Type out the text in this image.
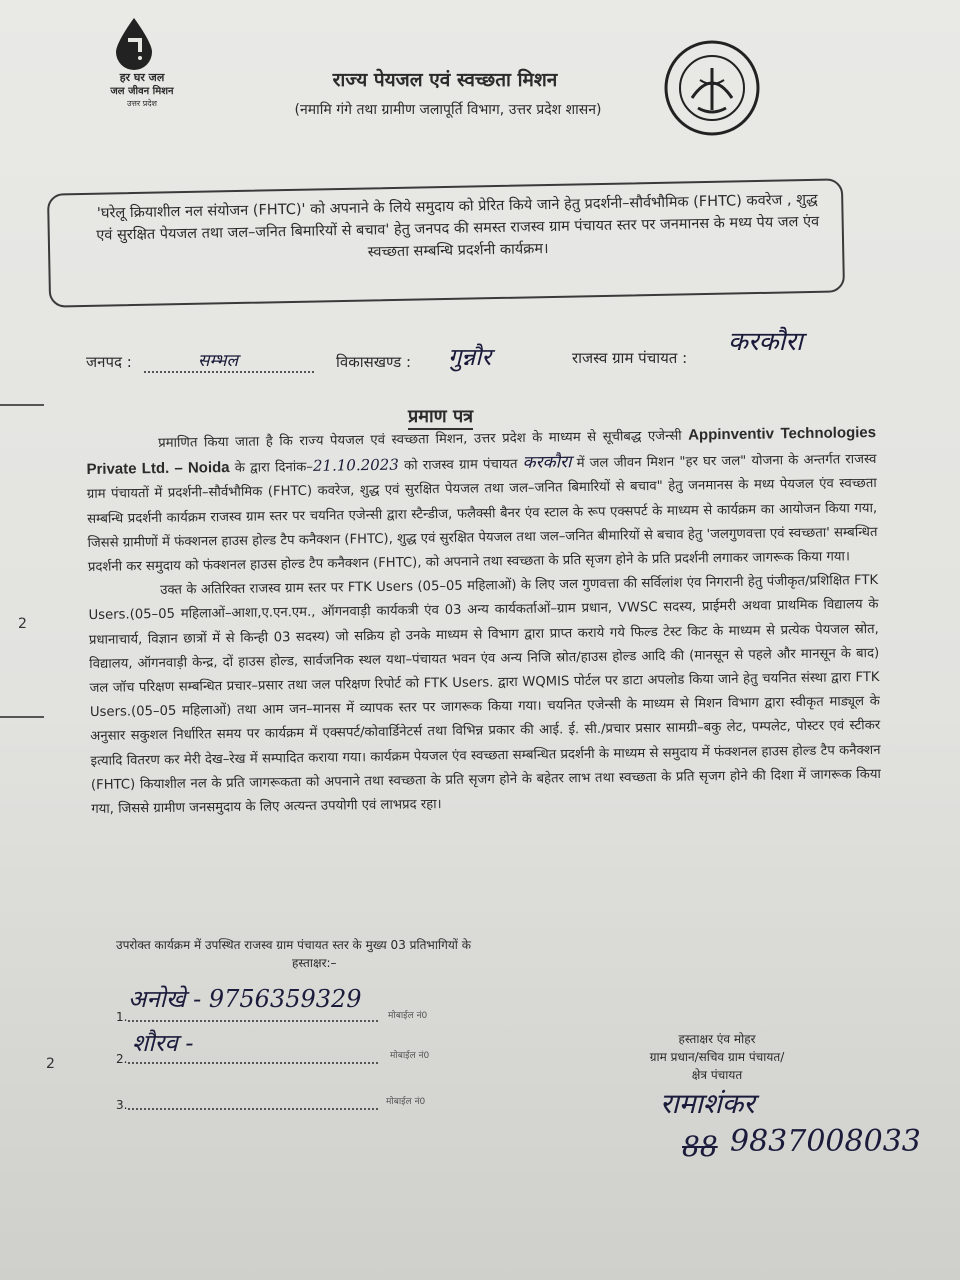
हर घर जल
जल जीवन मिशन
उत्तर प्रदेश
राज्य पेयजल एवं स्वच्छता मिशन
(नमामि गंगे तथा ग्रामीण जलापूर्ति विभाग, उत्तर प्रदेश शासन)

'घरेलू क्रियाशील नल संयोजन (FHTC)' को अपनाने के लिये समुदाय को प्रेरित किये जाने हेतु प्रदर्शनी–सौर्वभौमिक (FHTC) कवरेज , शुद्ध एवं सुरक्षित पेयजल तथा जल–जनित बिमारियों से बचाव' हेतु जनपद की समस्त राजस्व ग्राम पंचायत स्तर पर जनमानस के मध्य पेय जल एंव स्वच्छता सम्बन्धि प्रदर्शनी कार्यक्रम।

जनपद :	सम्भल	विकासखण्ड : गुन्नौर	राजस्व ग्राम पंचायत :
करकौरा
प्रमाण पत्र

प्रमाणित किया जाता है कि राज्य पेयजल एवं स्वच्छता मिशन, उत्तर प्रदेश के माध्यम से सूचीबद्ध एजेन्सी Appinventiv Technologies Private Ltd. – Noida के द्वारा दिनांक–21.10.2023 को राजस्व ग्राम पंचायत करकौरा में जल जीवन मिशन "हर घर जल" योजना के अन्तर्गत राजस्व ग्राम पंचायतों में प्रदर्शनी–सौर्वभौमिक (FHTC) कवरेज, शुद्ध एवं सुरक्षित पेयजल तथा जल–जनित बिमारियों से बचाव" हेतु जनमानस के मध्य पेयजल एंव स्वच्छता सम्बन्धि प्रदर्शनी कार्यक्रम राजस्व ग्राम स्तर पर चयनित एजेन्सी द्वारा स्टैन्डीज, फलैक्सी बैनर एंव स्टाल के रूप एक्सपर्ट के माध्यम से कार्यक्रम का आयोजन किया गया, जिससे ग्रामीणों में फंक्शनल हाउस होल्ड टैप कनैक्शन (FHTC), शुद्ध एवं सुरक्षित पेयजल तथा जल–जनित बीमारियों से बचाव हेतु 'जलगुणवत्ता एवं स्वच्छता' सम्बन्धित प्रदर्शनी कर समुदाय को फंक्शनल हाउस होल्ड टैप कनैक्शन (FHTC), को अपनाने तथा स्वच्छता के प्रति सृजग होने के प्रति प्रदर्शनी लगाकर जागरूक किया गया।

उक्त के अतिरिक्त राजस्व ग्राम स्तर पर FTK Users (05–05 महिलाओं) के लिए जल गुणवत्ता की सर्विलांश एंव निगरानी हेतु पंजीकृत/प्रशिक्षित FTK Users.(05–05 महिलाओं–आशा,ए.एन.एम., ऑगनवाड़ी कार्यकत्री एंव 03 अन्य कार्यकर्ताओं–ग्राम प्रधान, VWSC सदस्य, प्राईमरी अथवा प्राथमिक विद्यालय के प्रधानाचार्य, विज्ञान छात्रों में से किन्ही 03 सदस्य) जो सक्रिय हो उनके माध्यम से विभाग द्वारा प्राप्त कराये गये फिल्ड टेस्ट किट के माध्यम से प्रत्येक पेयजल स्रोत, विद्यालय, ऑगनवाड़ी केन्द्र, दों हाउस होल्ड, सार्वजनिक स्थल यथा–पंचायत भवन एंव अन्य निजि स्रोत/हाउस होल्ड आदि की (मानसून से पहले और मानसून के बाद) जल जॉच परिक्षण सम्बन्धित प्रचार–प्रसार तथा जल परिक्षण रिपोर्ट को FTK Users. द्वारा WQMIS पोर्टल पर डाटा अपलोड किया जाने हेतु चयनित संस्था द्वारा FTK Users.(05–05 महिलाओं) तथा आम जन–मानस में व्यापक स्तर पर जागरूक किया गया। चयनित एजेन्सी के माध्यम से मिशन विभाग द्वारा स्वीकृत माड्यूल के अनुसार सकुशल निर्धारित समय पर कार्यक्रम में एक्सपर्ट/कोवार्डिनेटर्स तथा विभिन्न प्रकार की आई. ई. सी./प्रचार प्रसार सामग्री–बकु लेट, पम्पलेट, पोस्टर एवं स्टीकर इत्यादि वितरण कर मेरी देख–रेख में सम्पादित कराया गया। कार्यक्रम पेयजल एंव स्वच्छता सम्बन्धित प्रदर्शनी के माध्यम से समुदाय में फंक्शनल हाउस होल्ड टैप कनैक्शन (FHTC) कियाशील नल के प्रति जागरूकता को अपनाने तथा स्वच्छता के प्रति सृजग होने के बहेतर लाभ तथा स्वच्छता के प्रति सृजग होने की दिशा में जागरूक किया गया, जिससे ग्रामीण जनसमुदाय के लिए अत्यन्त उपयोगी एवं लाभप्रद रहा।

उपरोक्त कार्यक्रम में उपस्थित राजस्व ग्राम पंचायत स्तर के मुख्य 03 प्रतिभागियों के
हस्ताक्षर:–
1.
अनोखे - 9756359329
मोबाईल नं0
2.
शौरव -	मोबाईल नं0
3.	मोबाईल नं0
हस्ताक्षर एंव मोहर
ग्राम प्रधान/सचिव ग्राम पंचायत/
क्षेत्र पंचायत
रामाशंकर
88 9837008033
2
2
